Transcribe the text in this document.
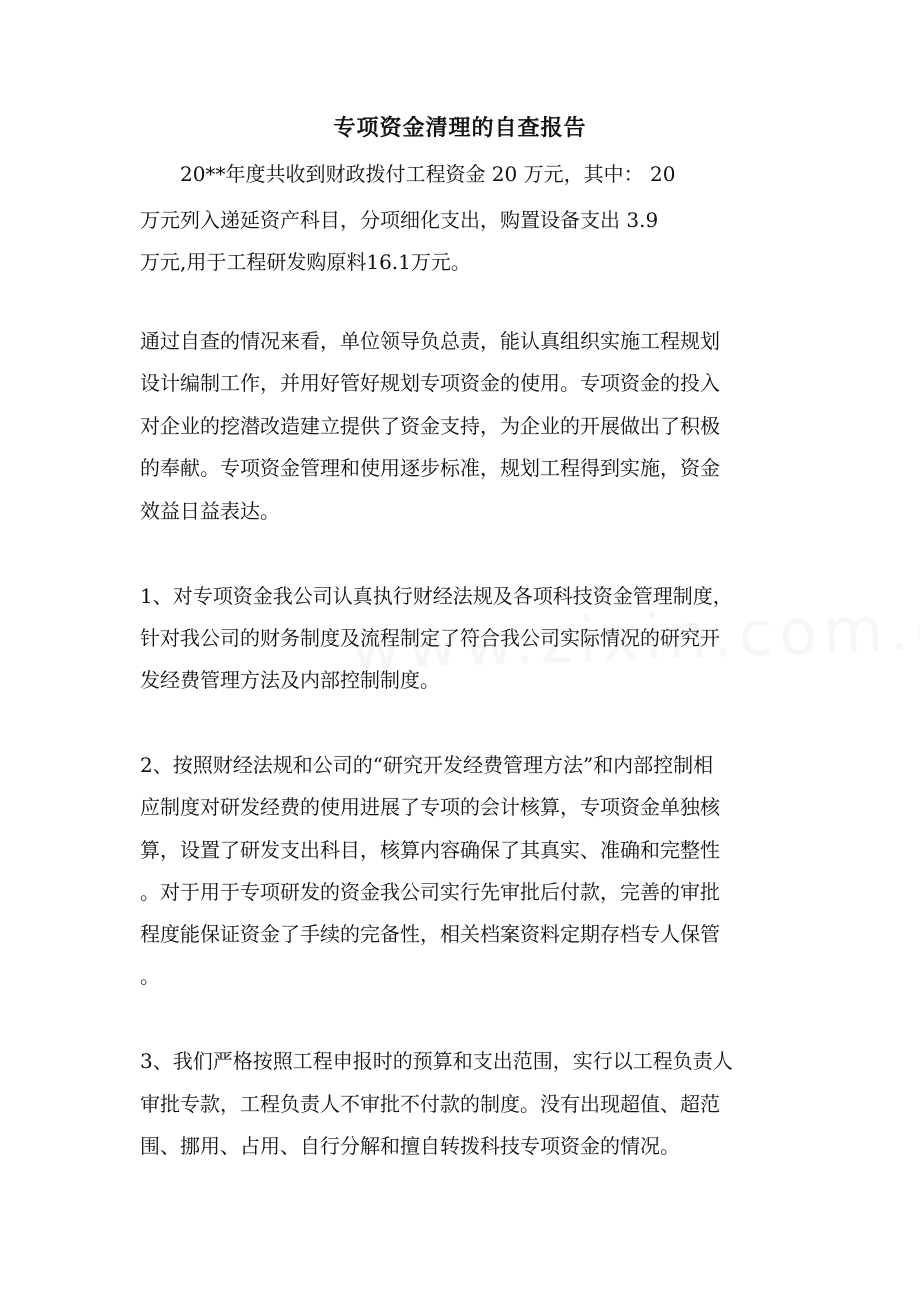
专项资金清理的自查报告

　　20**年度共收到财政拨付工程资金 20 万元，其中： 20

万元列入递延资产科目，分项细化支出，购置设备支出 3.9

万元,用于工程研发购原料16.1万元。

通过自查的情况来看，单位领导负总责，能认真组织实施工程规划

设计编制工作，并用好管好规划专项资金的使用。专项资金的投入

对企业的挖潜改造建立提供了资金支持，为企业的开展做出了积极

的奉献。专项资金管理和使用逐步标准，规划工程得到实施，资金

效益日益表达。

1、对专项资金我公司认真执行财经法规及各项科技资金管理制度，

针对我公司的财务制度及流程制定了符合我公司实际情况的研究开

发经费管理方法及内部控制制度。

2、按照财经法规和公司的“研究开发经费管理方法”和内部控制相

应制度对研发经费的使用进展了专项的会计核算，专项资金单独核

算，设置了研发支出科目，核算内容确保了其真实、准确和完整性

。对于用于专项研发的资金我公司实行先审批后付款，完善的审批

程度能保证资金了手续的完备性，相关档案资料定期存档专人保管

。

3、我们严格按照工程申报时的预算和支出范围，实行以工程负责人

审批专款，工程负责人不审批不付款的制度。没有出现超值、超范

围、挪用、占用、自行分解和擅自转拨科技专项资金的情况。
